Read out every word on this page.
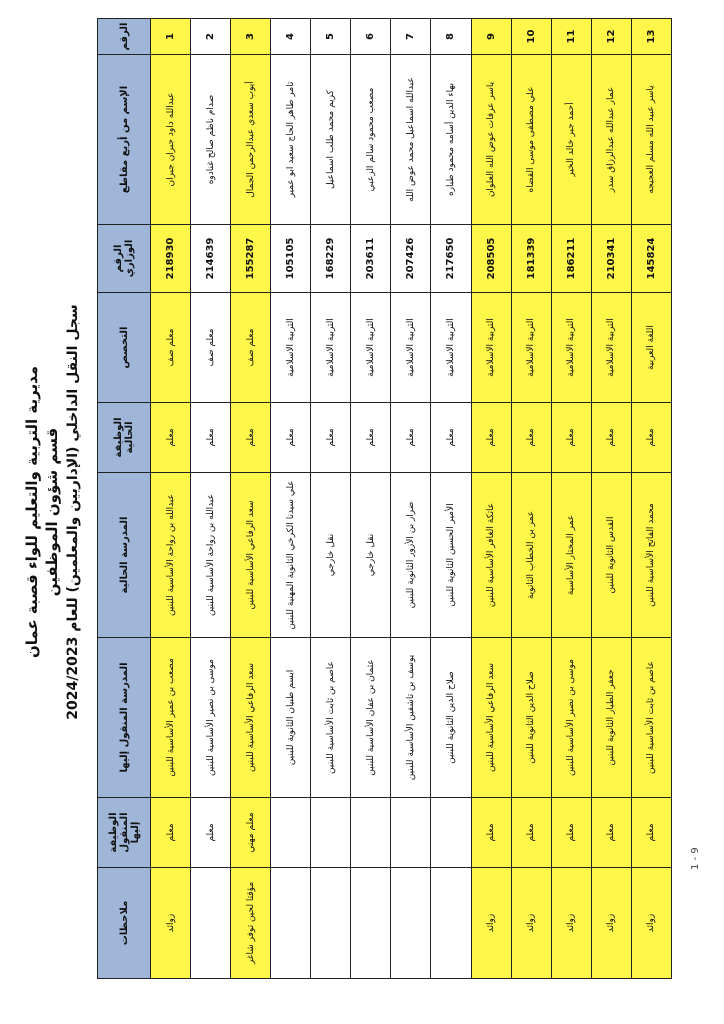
مديرية التربية والتعليم للواء قصبة عمان قسم شؤون الموظفين
سجل النقل الداخلي (الإداريين والمعلمين) للعام 2024/2023
الرقم	الإسم من أربع مقاطع	الرقم الوزاري	التخصص	الوظيفة الحالية	المدرسة الحالية	المدرسة المنقول إليها	الوظيفة المنقول إليها	ملاحظات
1	عبدالله داود جبران جبران	218930	معلم صف	معلم	عبدالله بن رواحة الأساسية للبنين	مصعب بن عمير الأساسية للبنين	معلم	زوائد
2	صدام ناظم صالح غنادوه	214639	معلم صف	معلم	عبدالله بن رواحة الأساسية للبنين	موسى بن نصير الأساسية للبنين	معلم	
3	أيوب سعدي عبدالرحمن الجمال	155287	معلم صف	معلم	سعد الرفاعي الأساسية للبنين	سعد الرفاعي الأساسية للبنين	معلم مهني	مؤقتا لحين توفر شاغر
4	تامر طاهر الحاج سعيد ابو عمير	105105	التربية الاسلامية	معلم	علي سيدنا الكرخي الثانوية المهنية للبنين	ابسم طبيان الثانوية للبنين		
5	كريم محمد طلب اسماعيل	168229	التربية الاسلامية	معلم	نقل خارجي	عاصم بن ثابت الأساسية للبنين		
6	مصعب محمود سالم الزعبي	203611	التربية الاسلامية	معلم	نقل خارجي	عثمان بن عفان الأساسية للبنين		
7	عبدالله اسماعيل محمد عوض الله	207426	التربية الاسلامية	معلم	ضرار بن الأزور الثانوية للبنين	يوسف بن تاشفين الأساسية للبنين		
8	بهاء الدين أسامه محمود طباره	217650	التربية الاسلامية	معلم	الأمير الحسين الثانوية للبنين	صلاح الدين الثانوية للبنين		
9	ياسر عرفات عوض الله العلوان	208505	التربية الاسلامية	معلم	عاتكة الغافر الأساسية للبنين	سعد الرفاعي الأساسية للبنين	معلم	زوائد
10	علي مصطفى موسى القضاه	181339	التربية الاسلامية	معلم	عمر بن الخطاب الثانوية	صلاح الدين الثانوية للبنين	معلم	زوائد
11	أحمد جبر خالد الخير	186211	التربية الاسلامية	معلم	عمر المختار الأساسية	موسى بن نصير الأساسية للبنين	معلم	زوائد
12	عمار عبدالله عبدالرزاق سدر	210341	التربية الاسلامية	معلم	القدس الثانوية للبنين	جعفر الطيار الثانوية للبنين	معلم	زوائد
13	ياسر عبيد الله مسلم العجيجه	145824	اللغة العربية	معلم	محمد الفاتح الأساسية للبنين	عاصم بن ثابت الأساسية للبنين	معلم	زوائد
1 - 9
